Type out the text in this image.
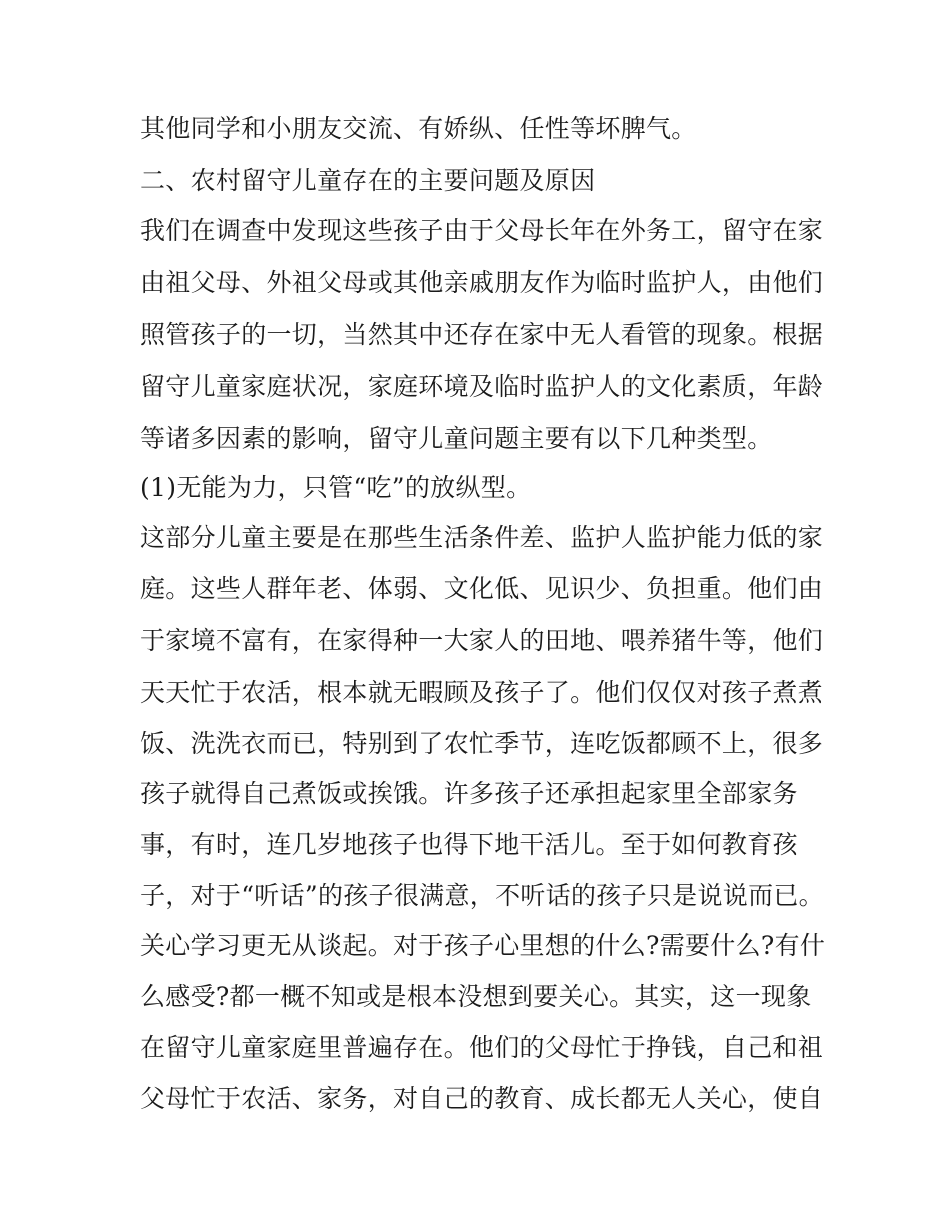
其他同学和小朋友交流、有娇纵、任性等坏脾气。
二、农村留守儿童存在的主要问题及原因
我们在调查中发现这些孩子由于父母长年在外务工，留守在家
由祖父母、外祖父母或其他亲戚朋友作为临时监护人，由他们
照管孩子的一切，当然其中还存在家中无人看管的现象。根据
留守儿童家庭状况，家庭环境及临时监护人的文化素质，年龄
等诸多因素的影响，留守儿童问题主要有以下几种类型。
(1)无能为力，只管“吃”的放纵型。
这部分儿童主要是在那些生活条件差、监护人监护能力低的家
庭。这些人群年老、体弱、文化低、见识少、负担重。他们由
于家境不富有，在家得种一大家人的田地、喂养猪牛等，他们
天天忙于农活，根本就无暇顾及孩子了。他们仅仅对孩子煮煮
饭、洗洗衣而已，特别到了农忙季节，连吃饭都顾不上，很多
孩子就得自己煮饭或挨饿。许多孩子还承担起家里全部家务
事，有时，连几岁地孩子也得下地干活儿。至于如何教育孩
子，对于“听话”的孩子很满意，不听话的孩子只是说说而已。
关心学习更无从谈起。对于孩子心里想的什么?需要什么?有什
么感受?都一概不知或是根本没想到要关心。其实，这一现象
在留守儿童家庭里普遍存在。他们的父母忙于挣钱，自己和祖
父母忙于农活、家务，对自己的教育、成长都无人关心，使自
